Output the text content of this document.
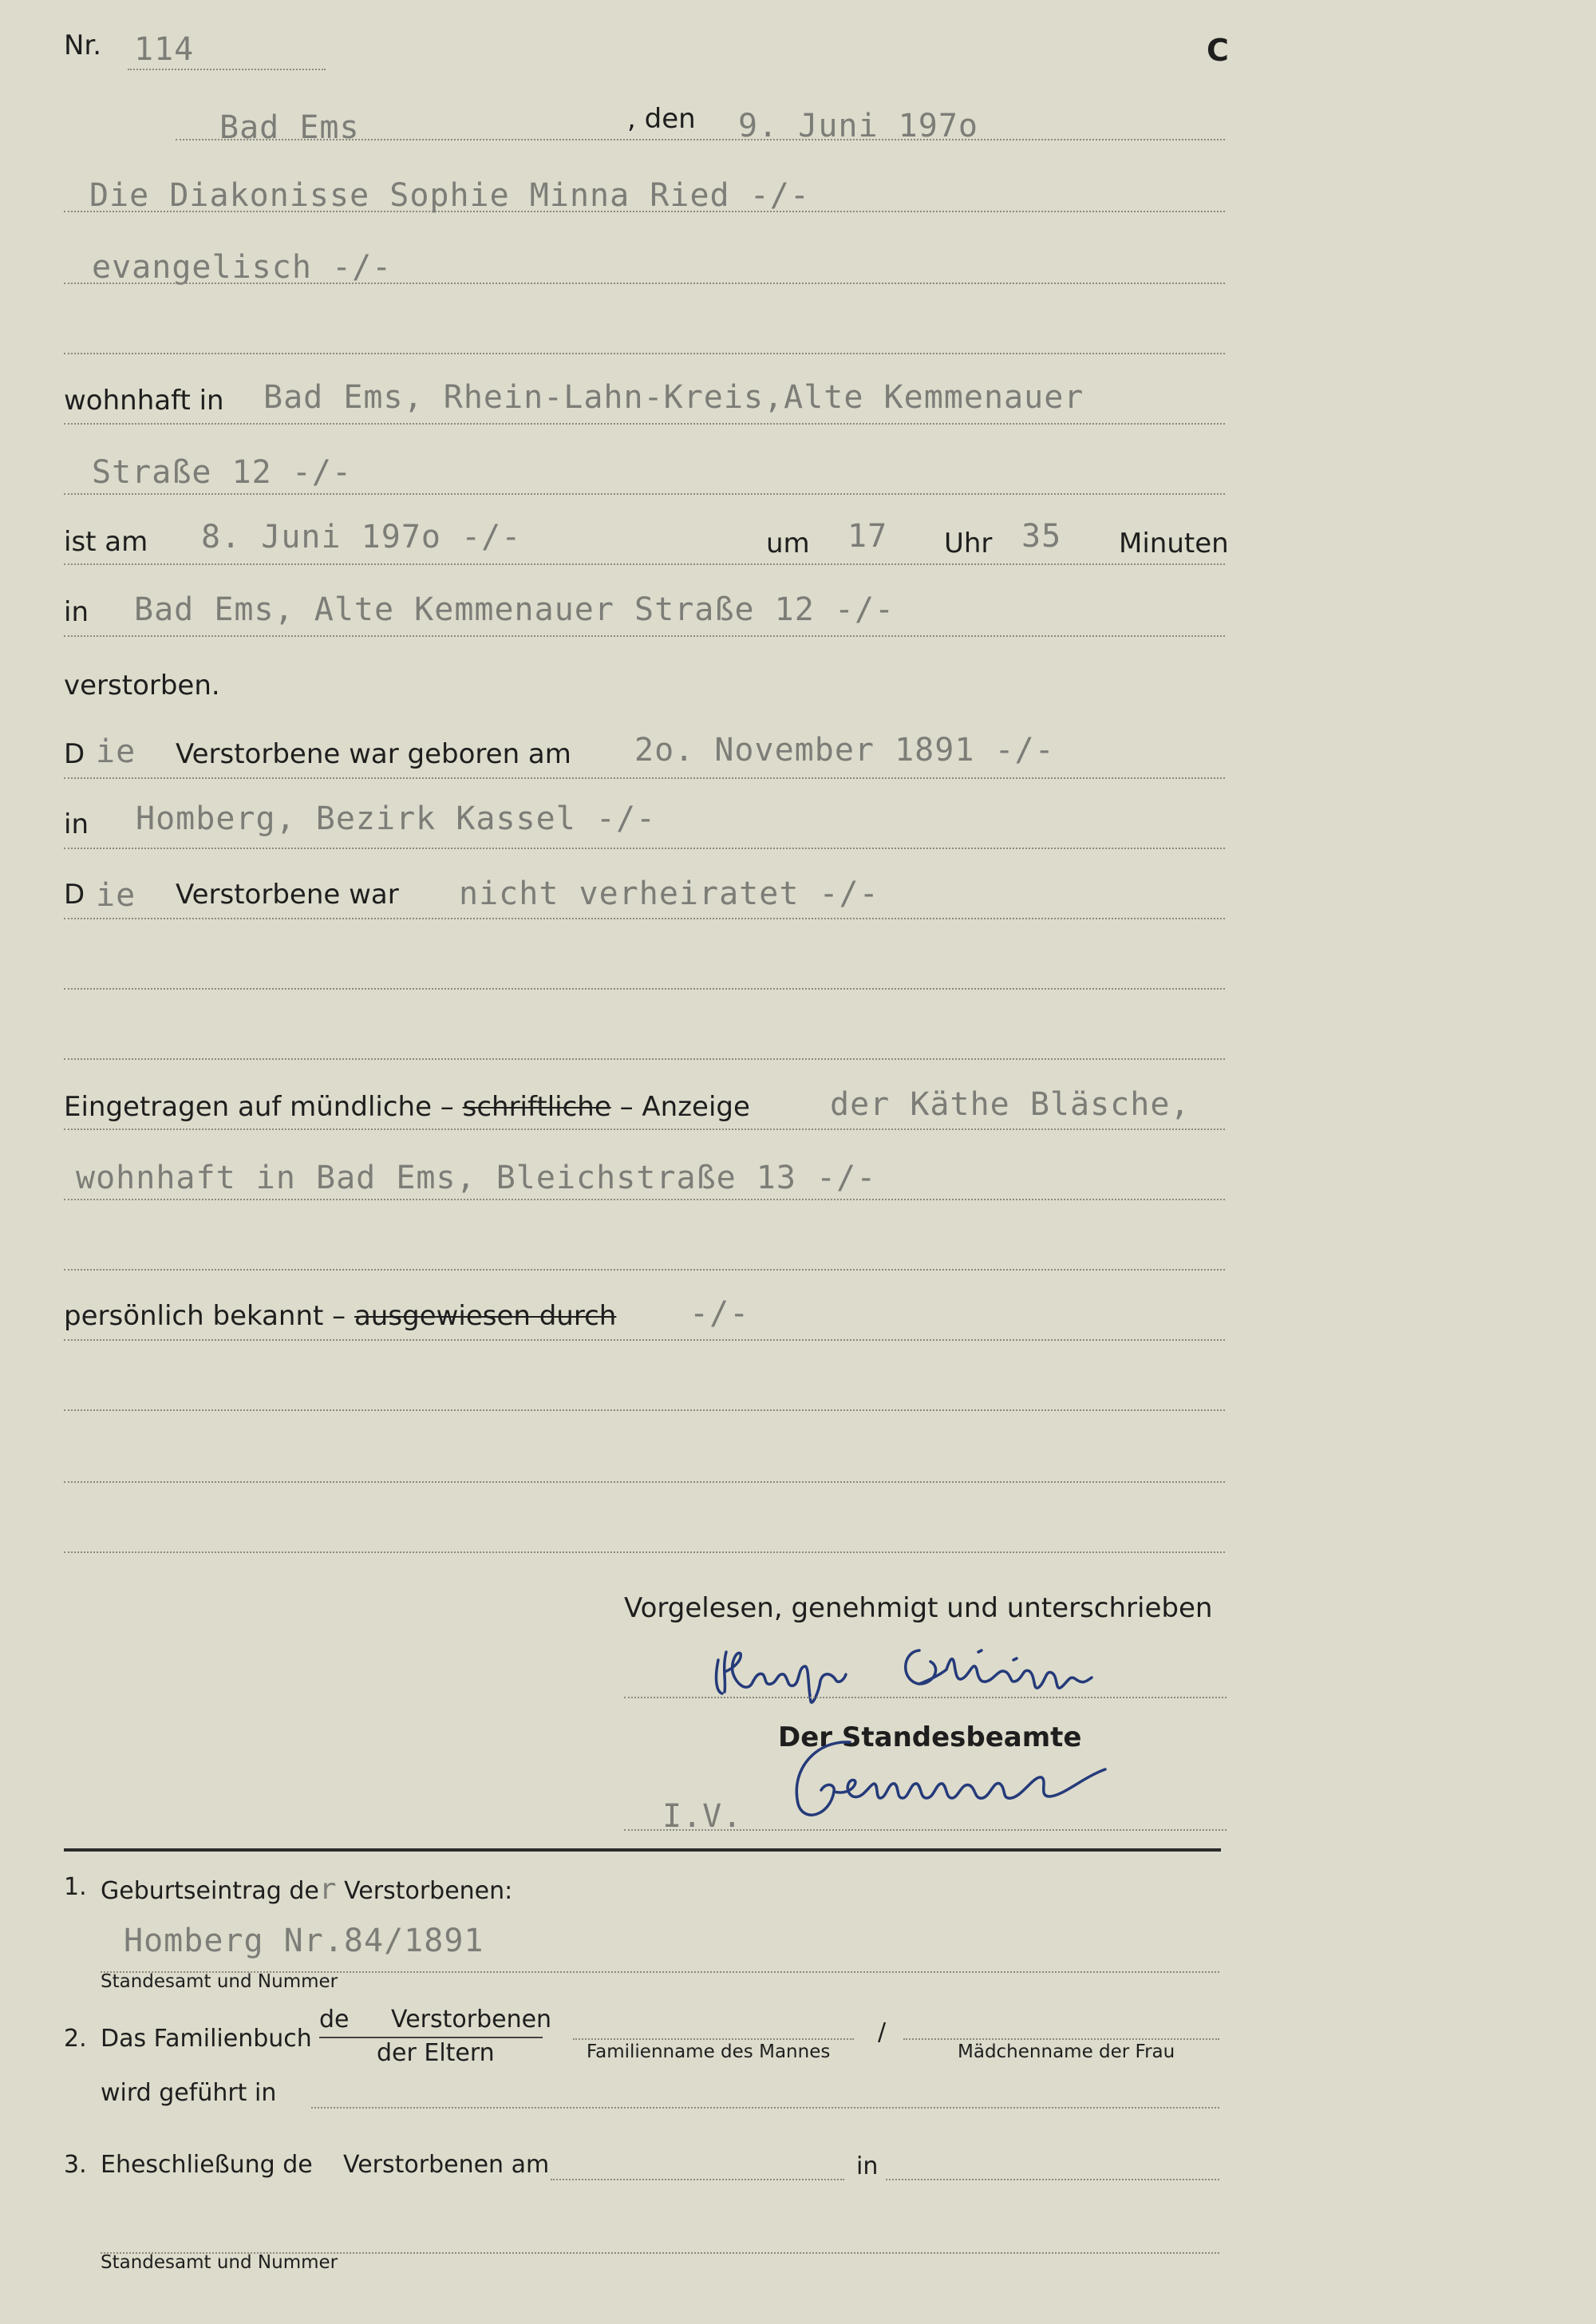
Nr. 114	C
Bad Ems	, den 9. Juni 197o
Die Diakonisse Sophie Minna Ried -/-
evangelisch -/-
wohnhaft in Bad Ems, Rhein-Lahn-Kreis,Alte Kemmenauer
Straße 12 -/-
ist am 8. Juni 197o -/-	um 17 Uhr 35 Minuten
in Bad Ems, Alte Kemmenauer Straße 12 -/-
verstorben.
D ie Verstorbene war geboren am 2o. November 1891 -/-
in Homberg, Bezirk Kassel -/-
D ie Verstorbene war nicht verheiratet -/-
Eingetragen auf mündliche – schriftliche – Anzeige	der Käthe Bläsche,
wohnhaft in Bad Ems, Bleichstraße 13 -/-
persönlich bekannt – ausgewiesen durch -/-
Vorgelesen, genehmigt und unterschrieben
Der Standesbeamte
I.V.
1. Geburtseintrag der Verstorbenen:
Homberg Nr.84/1891
Standesamt und Nummer
2. Das Familienbuch
de Verstorbenen
der Eltern	Familienname des Mannes
/
Mädchenname der Frau
wird geführt in
3. Eheschließung de Verstorbenen am	in
Standesamt und Nummer
